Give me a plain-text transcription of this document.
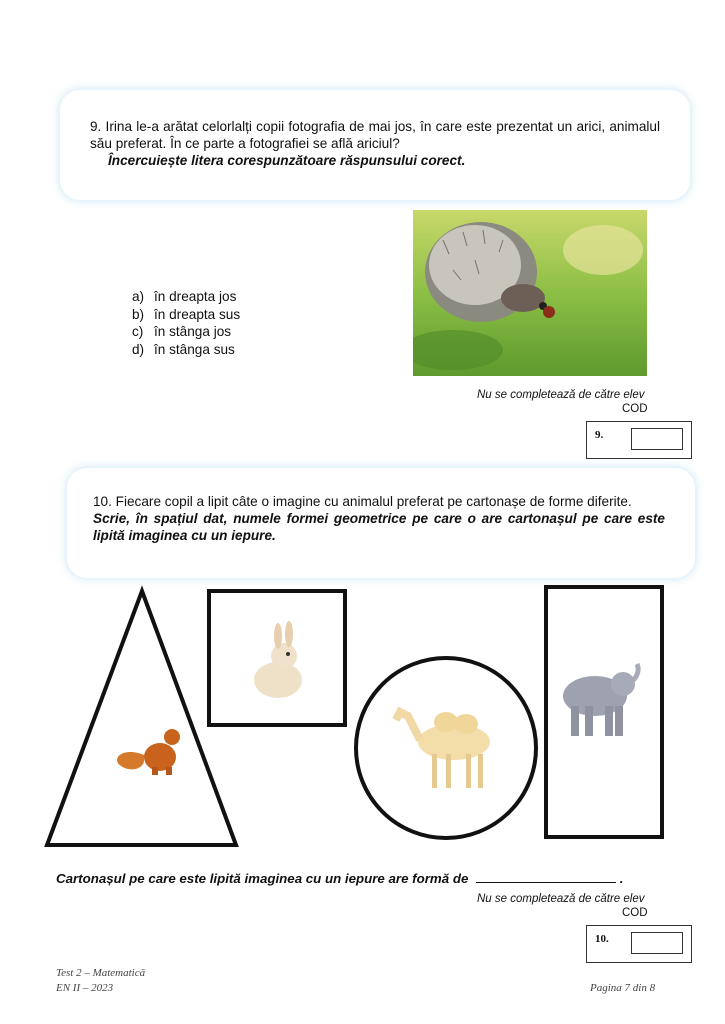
9. Irina le-a arătat celorlalți copii fotografia de mai jos, în care este prezentat un arici, animalul său preferat. În ce parte a fotografiei se află ariciul?
Încercuiește litera corespunzătoare răspunsului corect.
a) în dreapta jos
b) în dreapta sus
c) în stânga jos
d) în stânga sus
Nu se completează de către elev
COD
9.
10. Fiecare copil a lipit câte o imagine cu animalul preferat pe cartonașe de forme diferite.
Scrie, în spațiul dat, numele formei geometrice pe care o are cartonașul pe care este lipită imaginea cu un iepure.
Cartonașul pe care este lipită imaginea cu un iepure are formă de	.
Nu se completează de către elev
COD
10.
Test 2 – Matematică
EN II – 2023	Pagina 7 din 8
